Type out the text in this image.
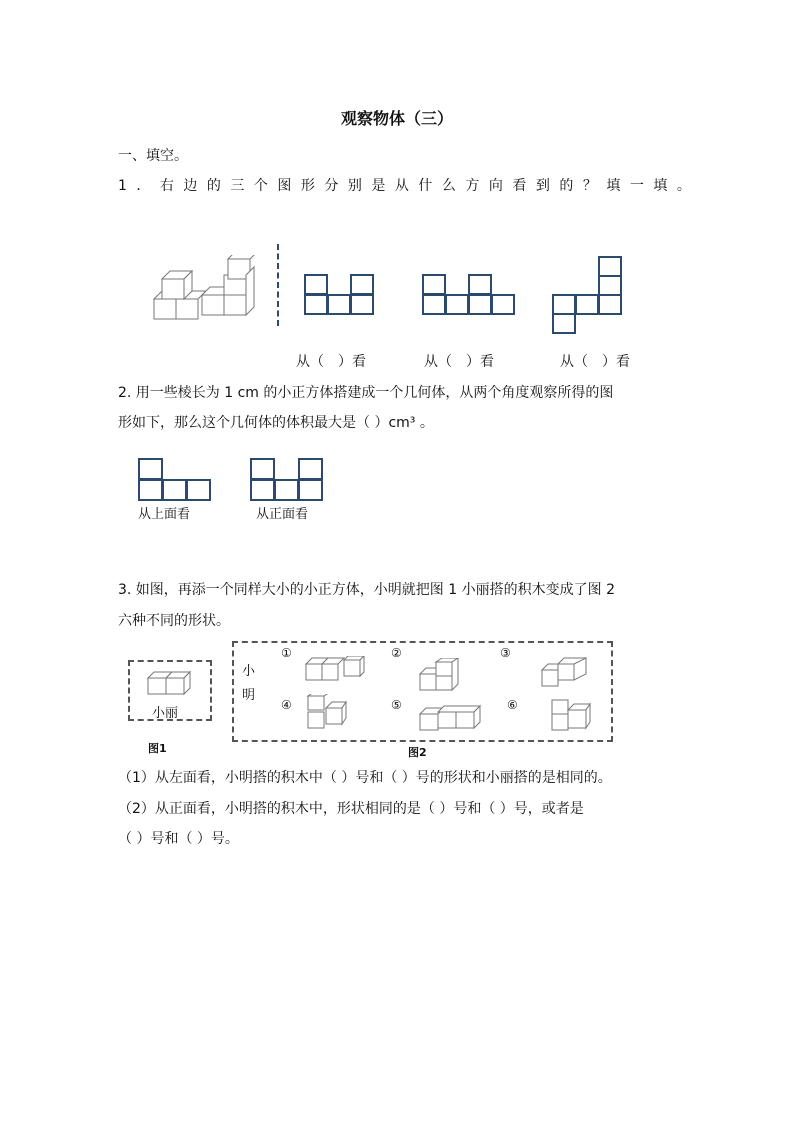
观察物体（三）
一、填空。
1．右边的三个图形分别是从什么方向看到的？填一填。
从（　）看	从（　）看	从（　）看
2. 用一些棱长为 1 cm 的小正方体搭建成一个几何体，从两个角度观察所得的图
形如下，那么这个几何体的体积最大是（ ）cm³ 。
从上面看	从正面看
3. 如图，再添一个同样大小的小正方体，小明就把图 1 小丽搭的积木变成了图 2
六种不同的形状。
小丽
图1
小
明
图2
①	②	③
④	⑤	⑥
（1）从左面看，小明搭的积木中（ ）号和（ ）号的形状和小丽搭的是相同的。
（2）从正面看，小明搭的积木中，形状相同的是（ ）号和（ ）号，或者是
（ ）号和（ ）号。
